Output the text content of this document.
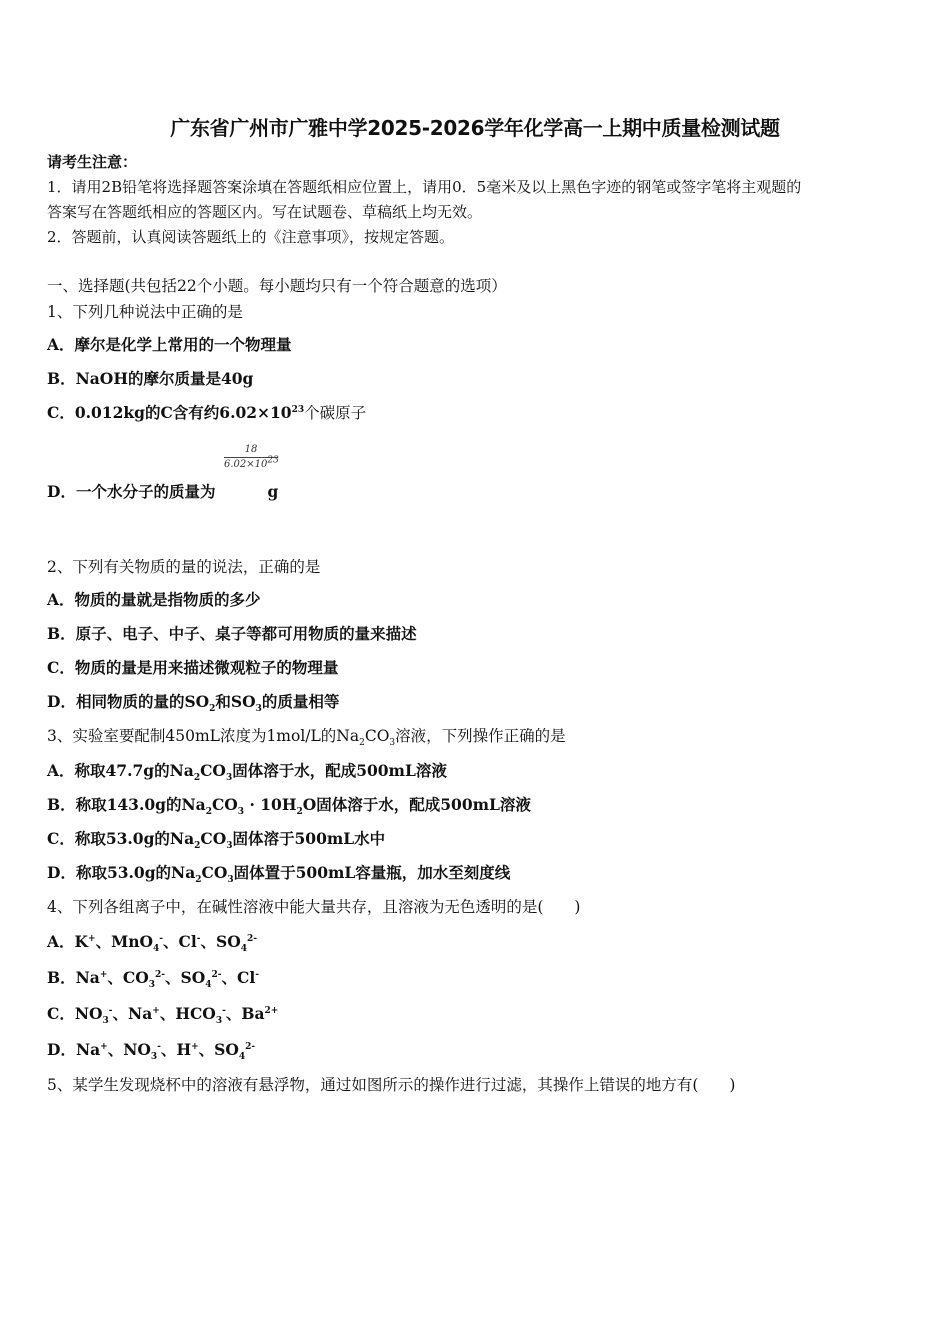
广东省广州市广雅中学2025-2026学年化学高一上期中质量检测试题
请考生注意：
1．请用2B铅笔将选择题答案涂填在答题纸相应位置上，请用0．5毫米及以上黑色字迹的钢笔或签字笔将主观题的
答案写在答题纸相应的答题区内。写在试题卷、草稿纸上均无效。
2．答题前，认真阅读答题纸上的《注意事项》，按规定答题。
一、选择题(共包括22个小题。每小题均只有一个符合题意的选项）
1、下列几种说法中正确的是
A．摩尔是化学上常用的一个物理量
B．NaOH的摩尔质量是40g
C．0.012kg的C含有约$6.02\times 10^{23}$个碳原子
18
$6.02\times 10^{23}$
D．一个水分子的质量为	g
2、下列有关物质的量的说法，正确的是
A．物质的量就是指物质的多少
B．原子、电子、中子、桌子等都可用物质的量来描述
C．物质的量是用来描述微观粒子的物理量
D．相同物质的量的$SO_2$和$SO_3$的质量相等
3、实验室要配制450mL浓度为1mol/L的$Na_2CO_3$溶液，下列操作正确的是
A．称取47.7g的$Na_2CO_3$固体溶于水，配成500mL溶液
B．称取143.0g的$Na_2CO_3 \cdot 10H_2O$固体溶于水，配成500mL溶液
C．称取53.0g的$Na_2CO_3$固体溶于500mL水中
D．称取53.0g的$Na_2CO_3$固体置于500mL容量瓶，加水至刻度线
4、下列各组离子中，在碱性溶液中能大量共存，且溶液为无色透明的是(　　)
A．K+、MnO$_4$-、Cl-、$SO_4^{2-}$
B．Na+、$CO_3^{2-}$、$SO_4^{2-}$、Cl-
C．$NO_3^-$、Na+、$HCO_3^-$、$Ba^{2+}$
D．Na+、$NO_3^-$、H+、$SO_4^{2-}$
5、某学生发现烧杯中的溶液有悬浮物，通过如图所示的操作进行过滤，其操作上错误的地方有(　　)
